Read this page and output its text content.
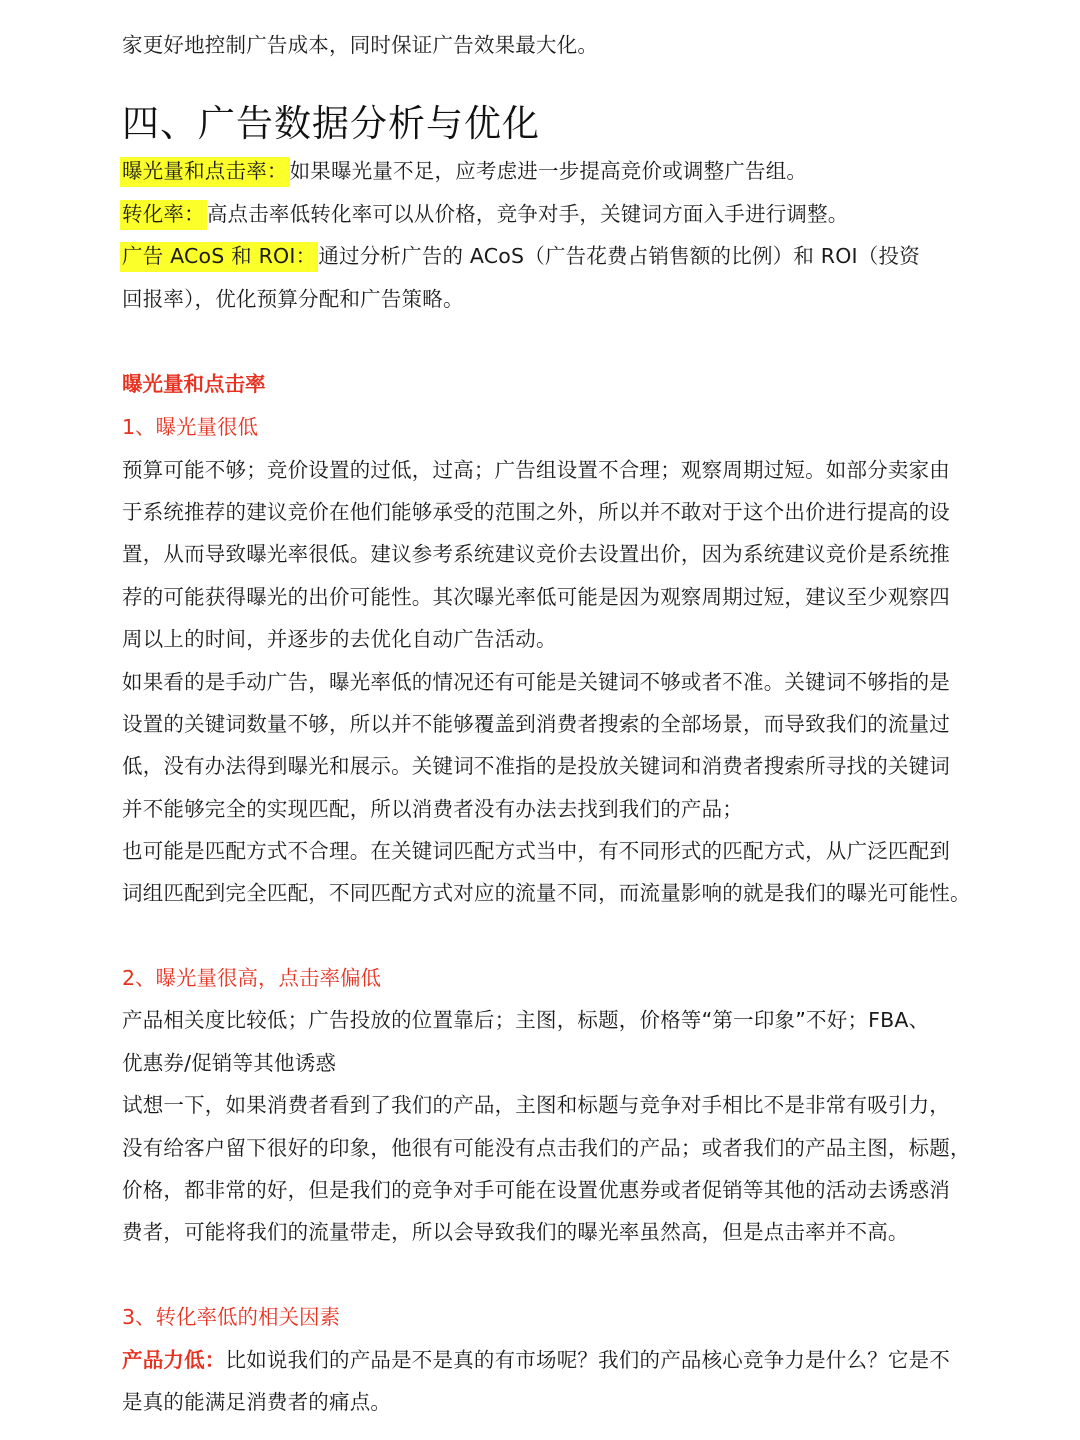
家更好地控制广告成本，同时保证广告效果最大化。
四、广告数据分析与优化
曝光量和点击率：如果曝光量不足，应考虑进一步提高竞价或调整广告组。
转化率：高点击率低转化率可以从价格，竞争对手，关键词方面入手进行调整。
广告 ACoS 和 ROI：通过分析广告的 ACoS（广告花费占销售额的比例）和 ROI（投资
回报率），优化预算分配和广告策略。
曝光量和点击率
1、曝光量很低
预算可能不够；竞价设置的过低，过高；广告组设置不合理；观察周期过短。如部分卖家由
于系统推荐的建议竞价在他们能够承受的范围之外，所以并不敢对于这个出价进行提高的设
置，从而导致曝光率很低。建议参考系统建议竞价去设置出价，因为系统建议竞价是系统推
荐的可能获得曝光的出价可能性。其次曝光率低可能是因为观察周期过短，建议至少观察四
周以上的时间，并逐步的去优化自动广告活动。
如果看的是手动广告，曝光率低的情况还有可能是关键词不够或者不准。关键词不够指的是
设置的关键词数量不够，所以并不能够覆盖到消费者搜索的全部场景，而导致我们的流量过
低，没有办法得到曝光和展示。关键词不准指的是投放关键词和消费者搜索所寻找的关键词
并不能够完全的实现匹配，所以消费者没有办法去找到我们的产品；
也可能是匹配方式不合理。在关键词匹配方式当中，有不同形式的匹配方式，从广泛匹配到
词组匹配到完全匹配，不同匹配方式对应的流量不同，而流量影响的就是我们的曝光可能性。
2、曝光量很高，点击率偏低
产品相关度比较低；广告投放的位置靠后；主图，标题，价格等“第一印象”不好；FBA、
优惠券/促销等其他诱惑
试想一下，如果消费者看到了我们的产品，主图和标题与竞争对手相比不是非常有吸引力，
没有给客户留下很好的印象，他很有可能没有点击我们的产品；或者我们的产品主图，标题，
价格，都非常的好，但是我们的竞争对手可能在设置优惠券或者促销等其他的活动去诱惑消
费者，可能将我们的流量带走，所以会导致我们的曝光率虽然高，但是点击率并不高。
3、转化率低的相关因素
产品力低：比如说我们的产品是不是真的有市场呢？我们的产品核心竞争力是什么？它是不
是真的能满足消费者的痛点。
